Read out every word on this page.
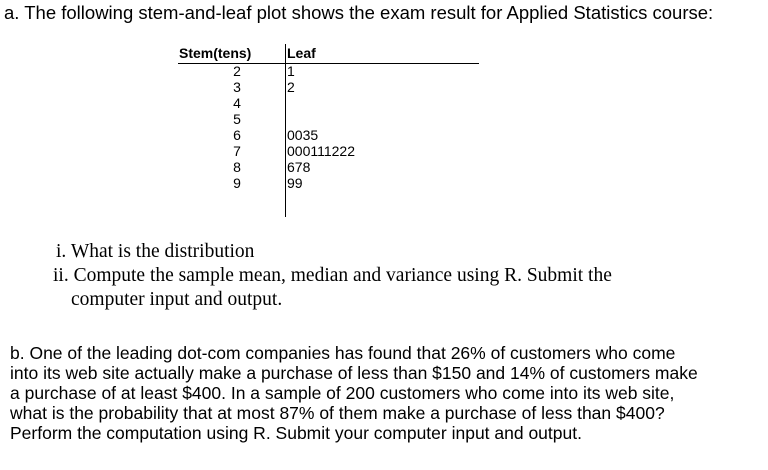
a. The following stem-and-leaf plot shows the exam result for Applied Statistics course:
Stem(tens)	Leaf
2	1
3	2
4
5
6	0035
7	000111222
8	678
9	99
i. What is the distribution
ii. Compute the sample mean, median and variance using R. Submit the
computer input and output.
b. One of the leading dot-com companies has found that 26% of customers who come
into its web site actually make a purchase of less than $150 and 14% of customers make
a purchase of at least $400. In a sample of 200 customers who come into its web site,
what is the probability that at most 87% of them make a purchase of less than $400?
Perform the computation using R. Submit your computer input and output.
